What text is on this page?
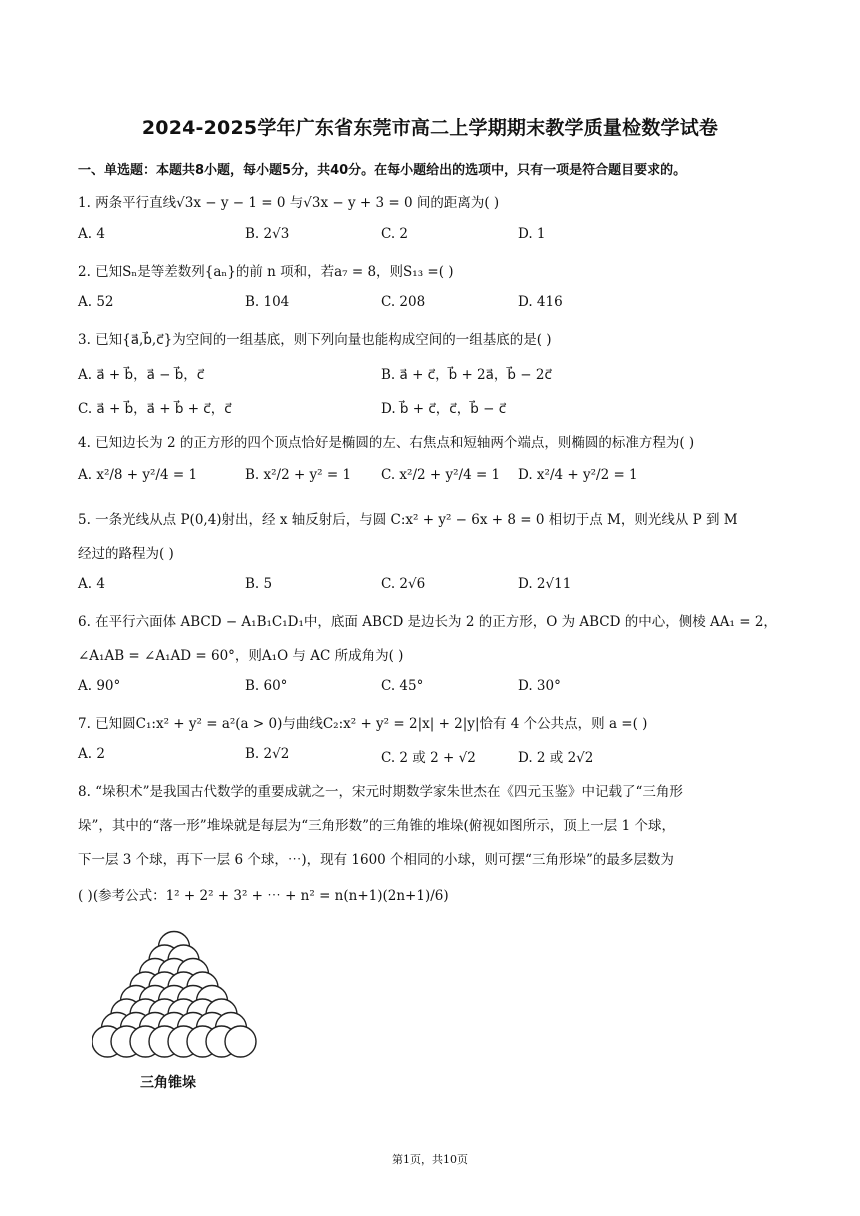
2024-2025学年广东省东莞市高二上学期期末教学质量检数学试卷
一、单选题：本题共8小题，每小题5分，共40分。在每小题给出的选项中，只有一项是符合题目要求的。
1. 两条平行直线√3x − y − 1 = 0 与√3x − y + 3 = 0 间的距离为( )
A. 4	B. 2√3	C. 2	D. 1
2. 已知Sₙ是等差数列{aₙ}的前 n 项和，若a₇ = 8，则S₁₃ =( )
A. 52	B. 104	C. 208	D. 416
3. 已知{a⃗,b⃗,c⃗}为空间的一组基底，则下列向量也能构成空间的一组基底的是( )
A. a⃗ + b⃗，a⃗ − b⃗，c⃗	B. a⃗ + c⃗，b⃗ + 2a⃗，b⃗ − 2c⃗
C. a⃗ + b⃗，a⃗ + b⃗ + c⃗，c⃗	D. b⃗ + c⃗，c⃗，b⃗ − c⃗
4. 已知边长为 2 的正方形的四个顶点恰好是椭圆的左、右焦点和短轴两个端点，则椭圆的标准方程为( )
A. x²/8 + y²/4 = 1	B. x²/2 + y² = 1 C. x²/2 + y²/4 = 1 D. x²/4 + y²/2 = 1
5. 一条光线从点 P(0,4)射出，经 x 轴反射后，与圆 C:x² + y² − 6x + 8 = 0 相切于点 M，则光线从 P 到 M
经过的路程为( )
A. 4	B. 5	C. 2√6	D. 2√11
6. 在平行六面体 ABCD − A₁B₁C₁D₁中，底面 ABCD 是边长为 2 的正方形，O 为 ABCD 的中心，侧棱 AA₁ = 2，
∠A₁AB = ∠A₁AD = 60°，则A₁O 与 AC 所成角为( )
A. 90°	B. 60°	C. 45°	D. 30°
7. 已知圆C₁:x² + y² = a²(a > 0)与曲线C₂:x² + y² = 2|x| + 2|y|恰有 4 个公共点，则 a =( )
A. 2	B. 2√2	C. 2 或 2 + √2	D. 2 或 2√2
8. “垛积术”是我国古代数学的重要成就之一，宋元时期数学家朱世杰在《四元玉鉴》中记载了“三角形
垛”，其中的“落一形”堆垛就是每层为“三角形数”的三角锥的堆垛(俯视如图所示，顶上一层 1 个球，
下一层 3 个球，再下一层 6 个球，⋯)，现有 1600 个相同的小球，则可摆“三角形垛”的最多层数为
( )(参考公式：1² + 2² + 3² + ⋯ + n² = n(n+1)(2n+1)/6)
三角锥垛
第1页，共10页
